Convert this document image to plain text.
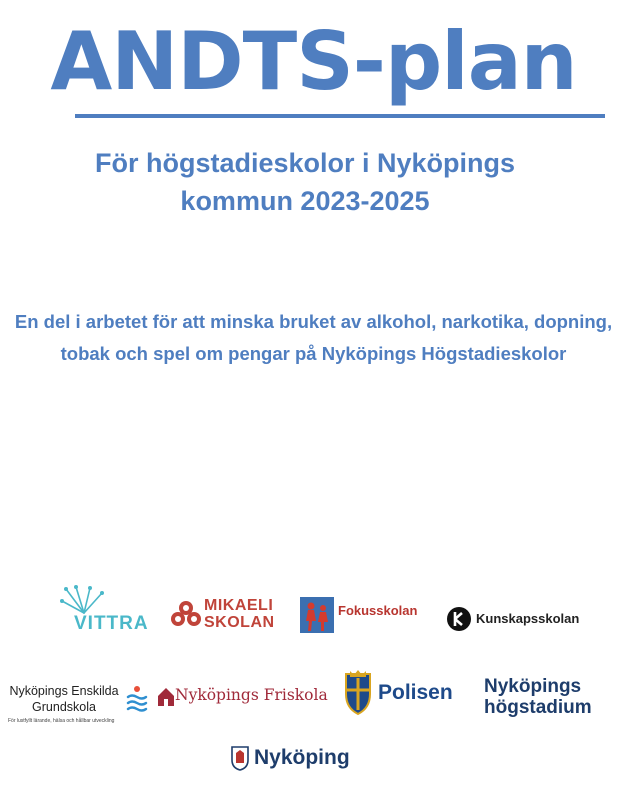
ANDTS-plan
För högstadieskolor i Nyköpings kommun 2023-2025
En del i arbetet för att minska bruket av alkohol, narkotika, dopning, tobak och spel om pengar på Nyköpings Högstadieskolor
VITTRA
MIKAELI
SKOLAN
Fokusskolan
Kunskapsskolan
Nyköpings Enskilda
Grundskola
För lustfyllt lärande, hälsa och hållbar utveckling
Nyköpings Friskola Polisen Nyköpings
högstadium
Nyköping
